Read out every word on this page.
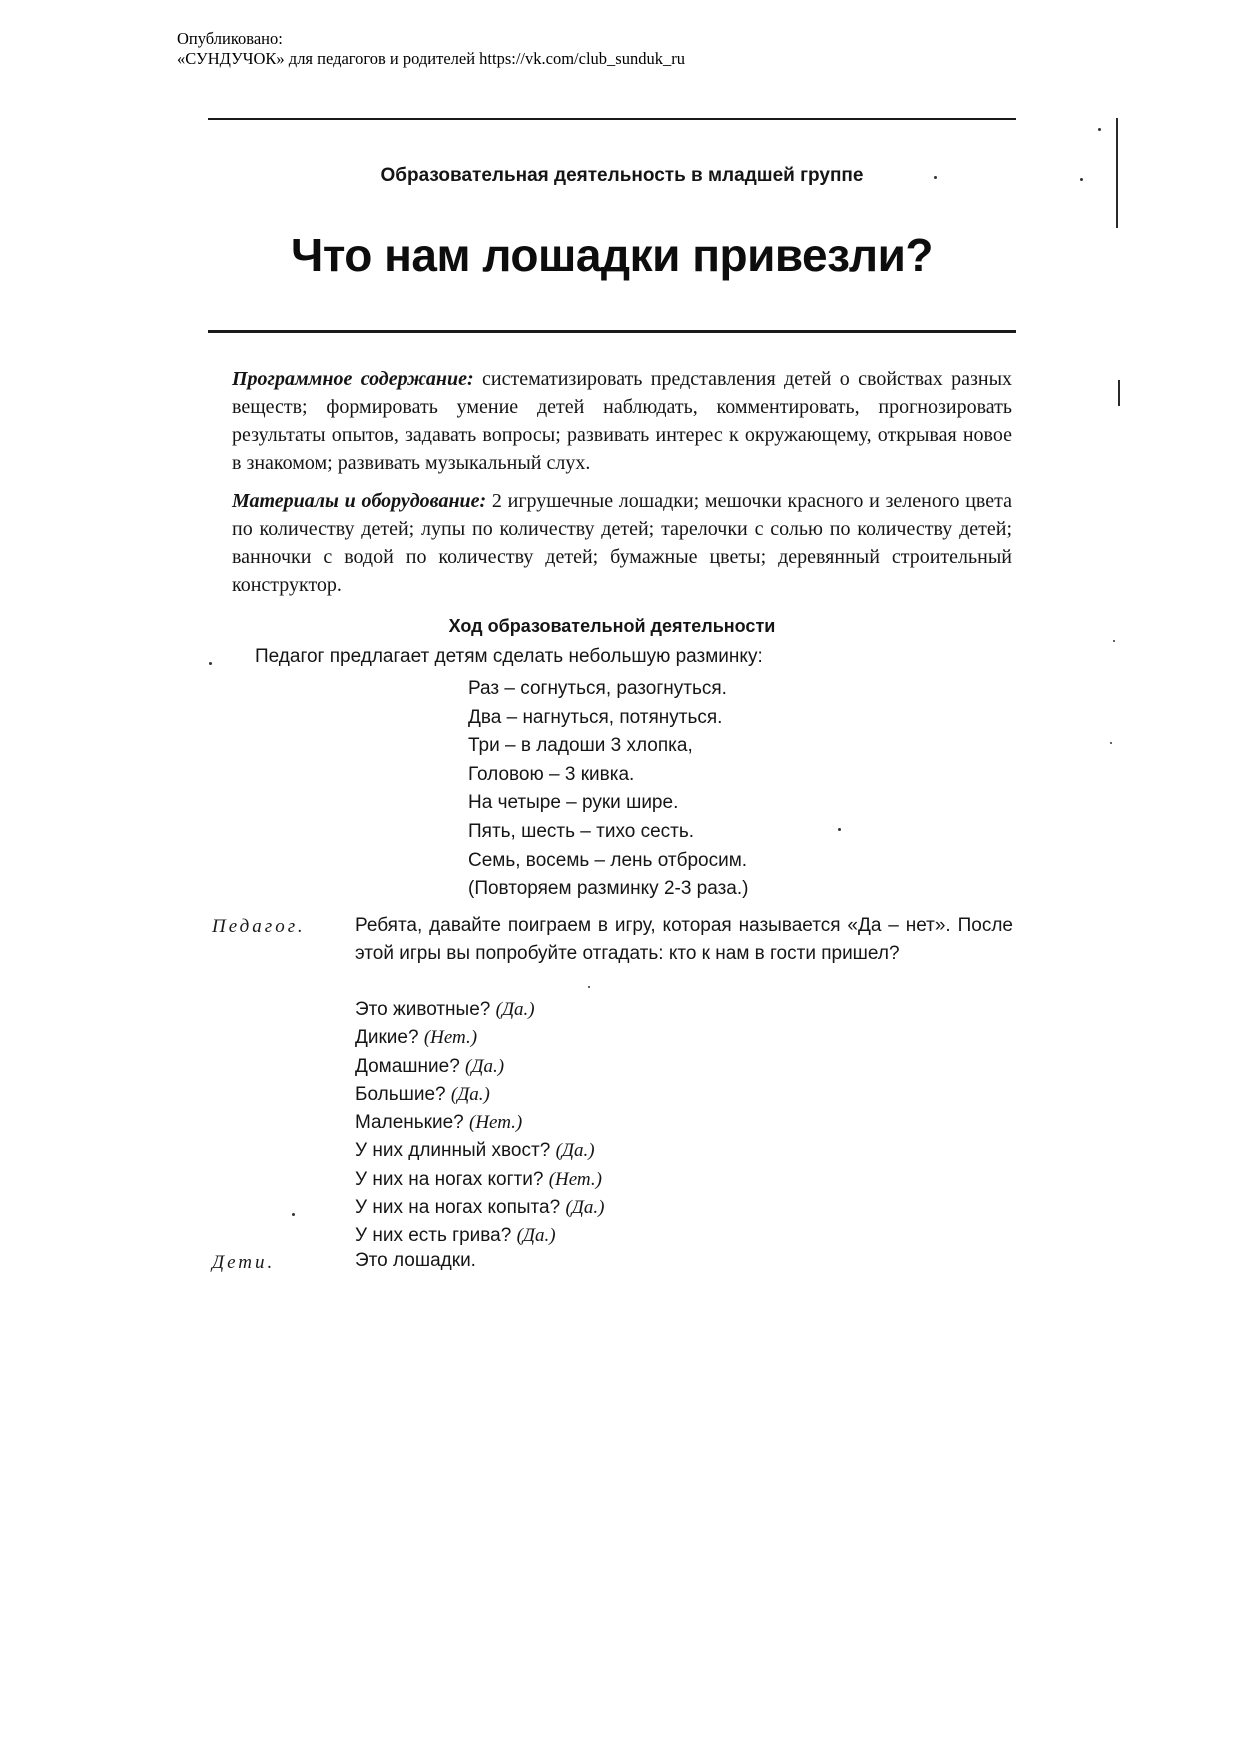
Опубликовано:
«СУНДУЧОК» для педагогов и родителей https://vk.com/club_sunduk_ru
Образовательная деятельность в младшей группе
Что нам лошадки привезли?
Программное содержание: систематизировать представления детей о свойствах разных веществ; формировать умение детей наблюдать, комментировать, прогнозировать результаты опытов, задавать вопросы; развивать интерес к окружающему, открывая новое в знакомом; развивать музыкальный слух.
Материалы и оборудование: 2 игрушечные лошадки; мешочки красного и зеленого цвета по количеству детей; лупы по количеству детей; тарелочки с солью по количеству детей; ванночки с водой по количеству детей; бумажные цветы; деревянный строительный конструктор.
Ход образовательной деятельности
Педагог предлагает детям сделать небольшую разминку:
Раз – согнуться, разогнуться.
Два – нагнуться, потянуться.
Три – в ладоши 3 хлопка,
Головою – 3 кивка.
На четыре – руки шире.
Пять, шесть – тихо сесть.
Семь, восемь – лень отбросим.
(Повторяем разминку 2-3 раза.)
Педагог.	Ребята, давайте поиграем в игру, которая называется «Да – нет». После этой игры вы попробуйте отгадать: кто к нам в гости пришел?
Это животные? (Да.)
Дикие? (Нет.)
Домашние? (Да.)
Большие? (Да.)
Маленькие? (Нет.)
У них длинный хвост? (Да.)
У них на ногах когти? (Нет.)
У них на ногах копыта? (Да.)
У них есть грива? (Да.)
Дети.	Это лошадки.
